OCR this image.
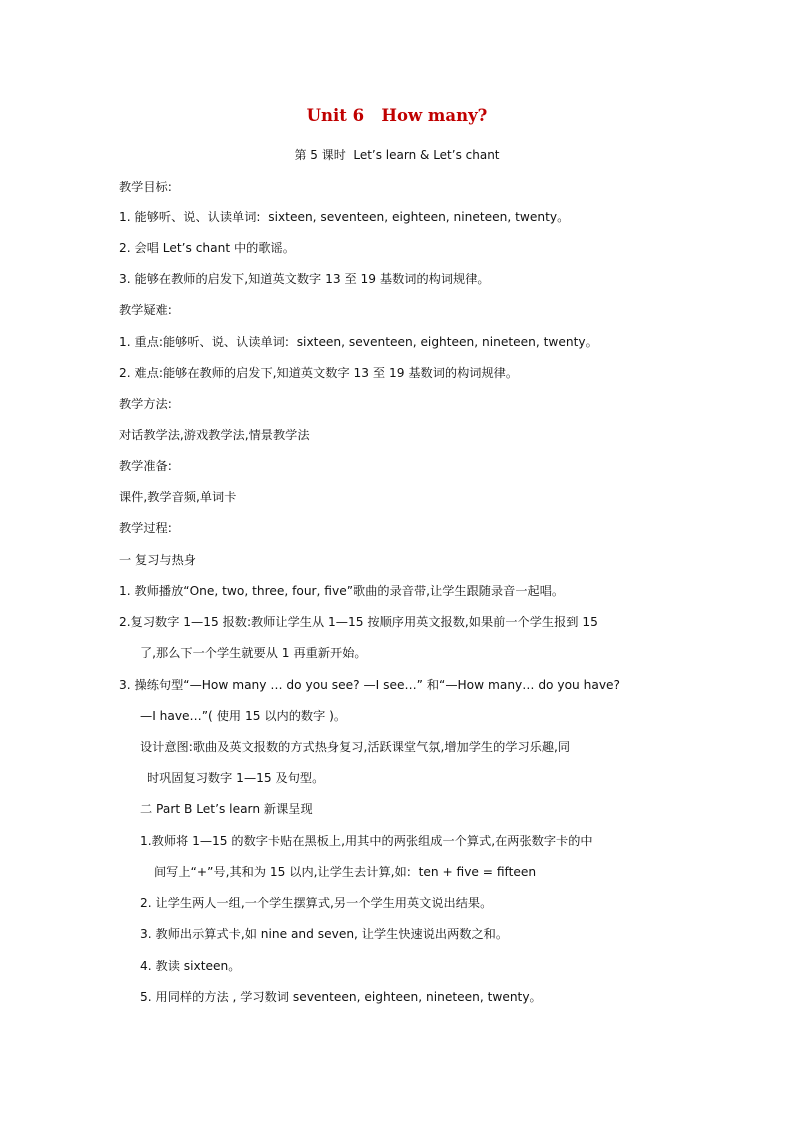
Unit 6   How many?
第 5 课时  Let’s learn & Let’s chant
教学目标:
1. 能够听、说、认读单词:  sixteen, seventeen, eighteen, nineteen, twenty。
2. 会唱 Let’s chant 中的歌谣。
3. 能够在教师的启发下,知道英文数字 13 至 19 基数词的构词规律。
教学疑难:
1. 重点:能够听、说、认读单词:  sixteen, seventeen, eighteen, nineteen, twenty。
2. 难点:能够在教师的启发下,知道英文数字 13 至 19 基数词的构词规律。
教学方法:
对话教学法,游戏教学法,情景教学法
教学准备:
课件,教学音频,单词卡
教学过程:
一 复习与热身
1. 教师播放“One, two, three, four, five”歌曲的录音带,让学生跟随录音一起唱。
2.复习数字 1—15 报数:教师让学生从 1—15 按顺序用英文报数,如果前一个学生报到 15
了,那么下一个学生就要从 1 再重新开始。
3. 操练句型“—How many … do you see? —I see…” 和“—How many… do you have?
—I have…”( 使用 15 以内的数字 )。
设计意图:歌曲及英文报数的方式热身复习,活跃课堂气氛,增加学生的学习乐趣,同
时巩固复习数字 1—15 及句型。
二 Part B Let’s learn 新课呈现
1.教师将 1—15 的数字卡贴在黑板上,用其中的两张组成一个算式,在两张数字卡的中
间写上“+”号,其和为 15 以内,让学生去计算,如:  ten + five = fifteen
2. 让学生两人一组,一个学生摆算式,另一个学生用英文说出结果。
3. 教师出示算式卡,如 nine and seven, 让学生快速说出两数之和。
4. 教读 sixteen。
5. 用同样的方法 , 学习数词 seventeen, eighteen, nineteen, twenty。
